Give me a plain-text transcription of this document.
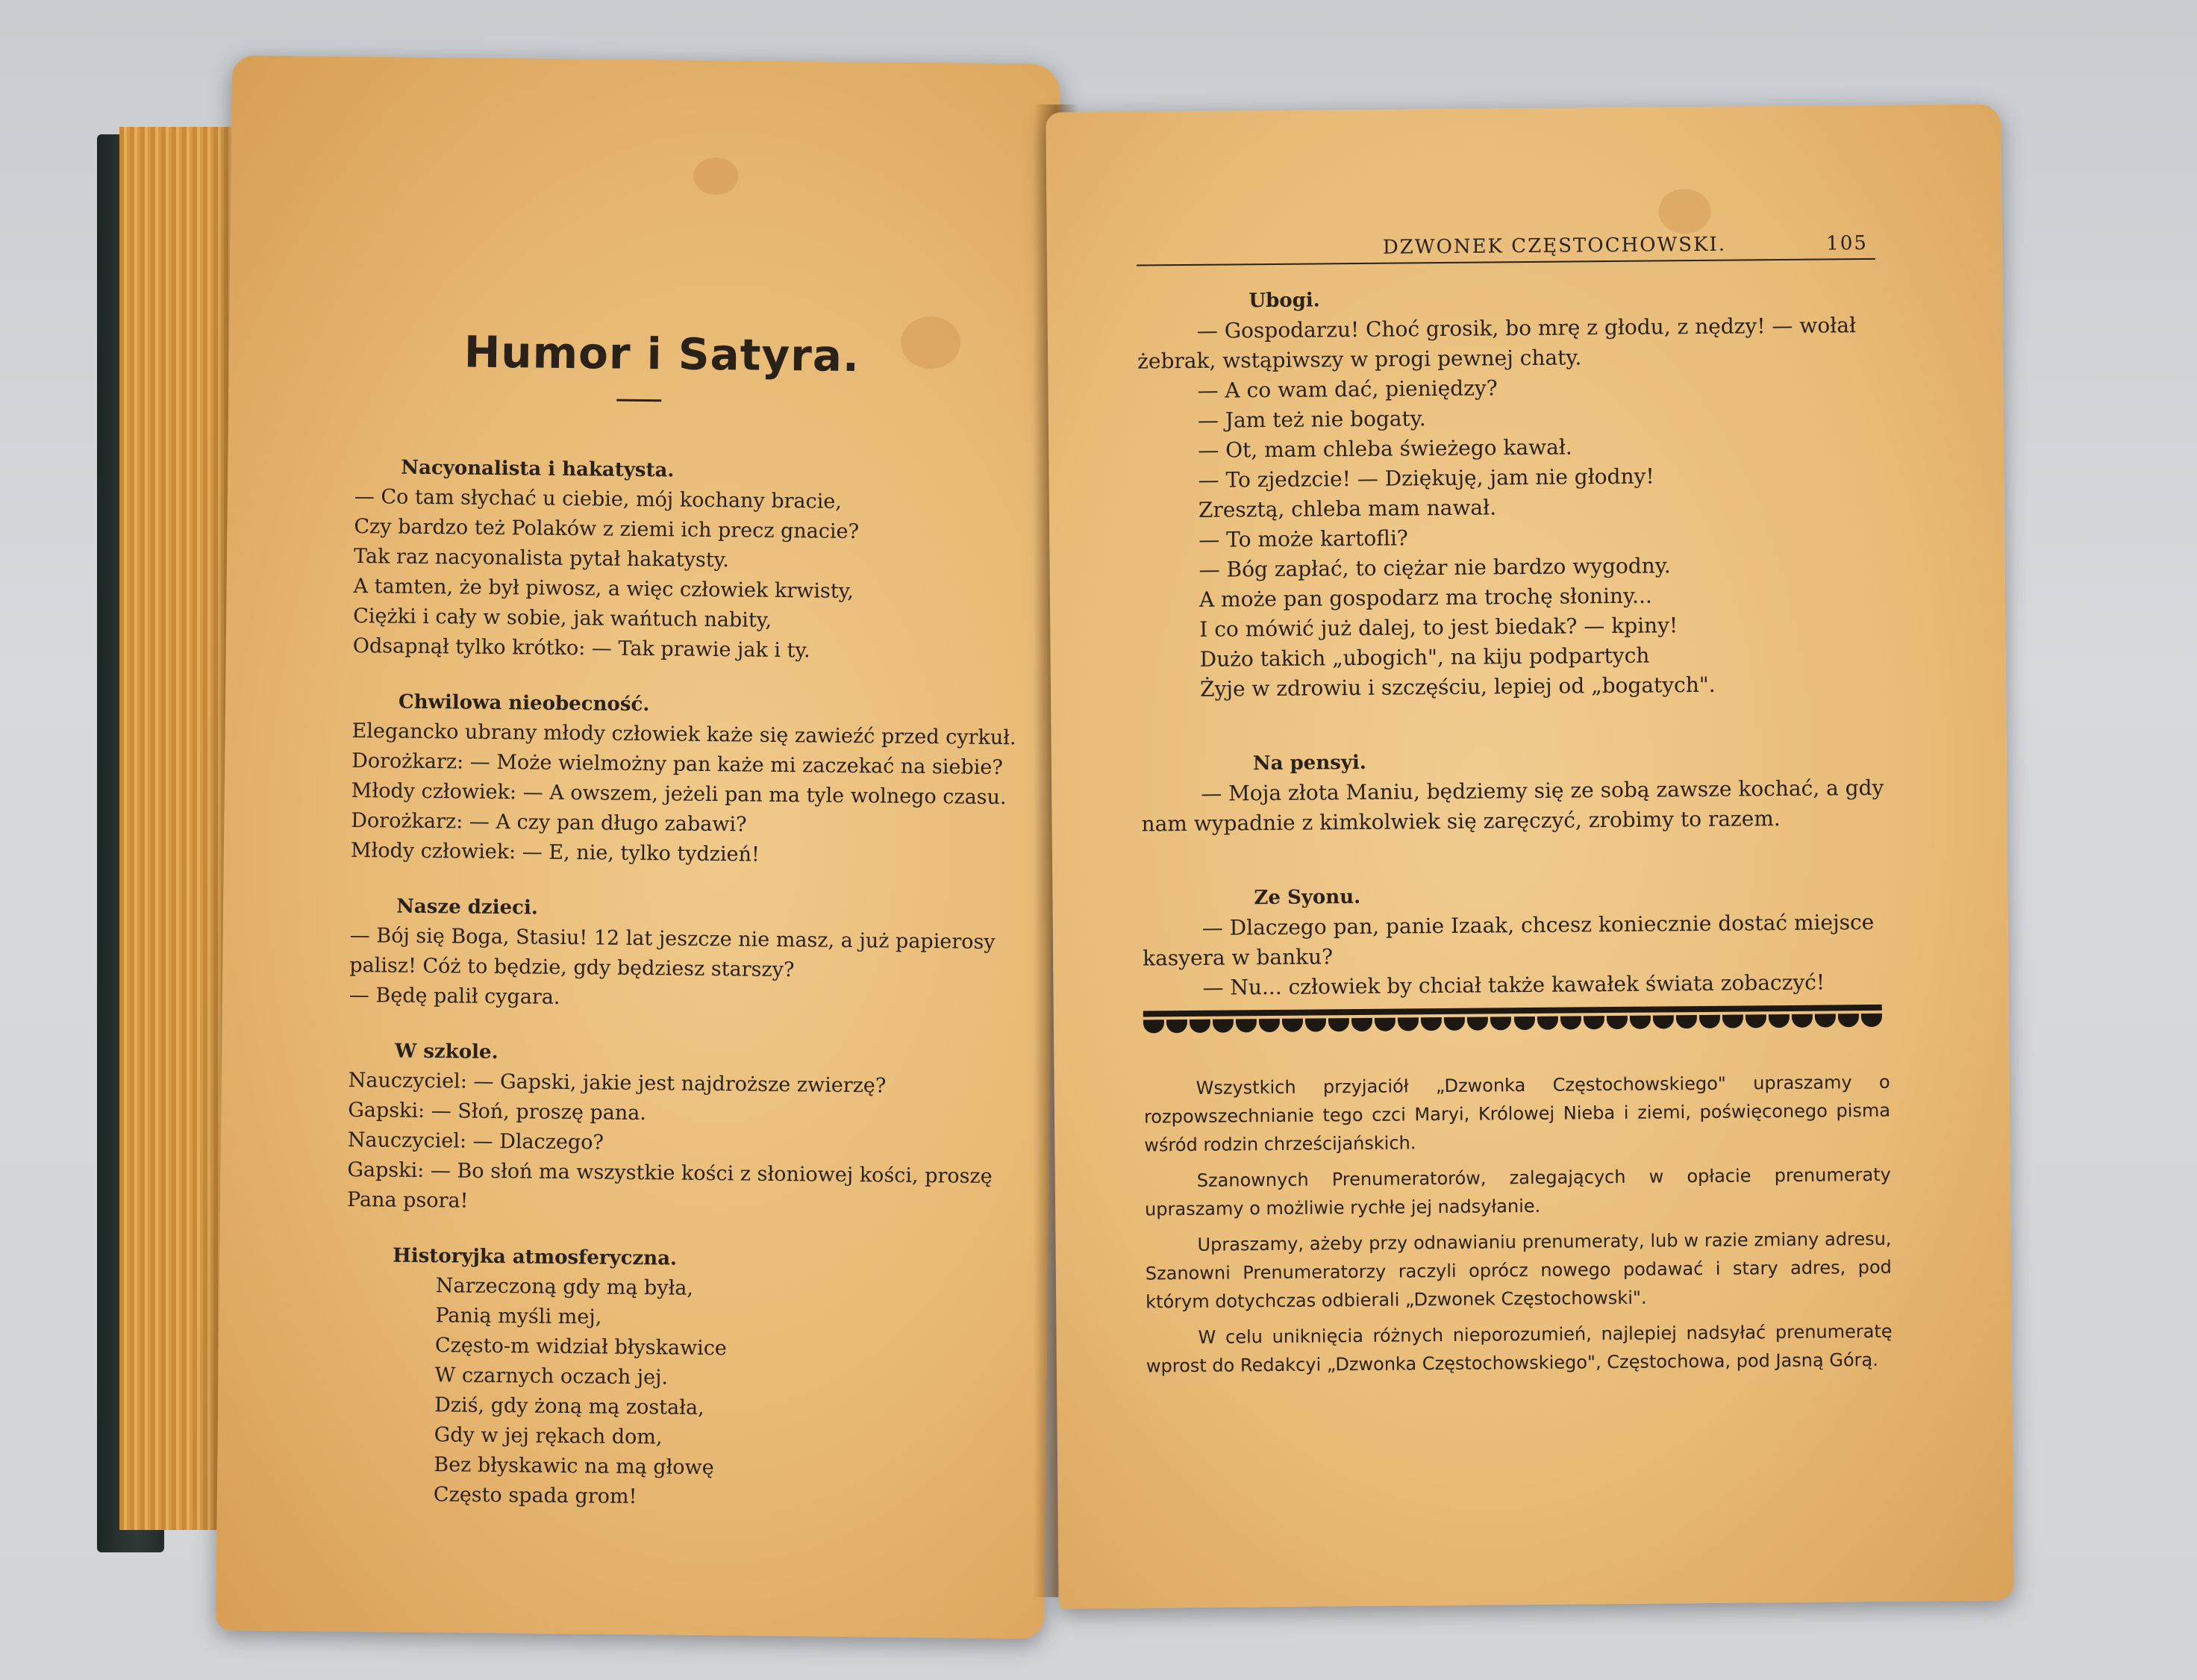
Humor i Satyra.
Nacyonalista i hakatysta.
— Co tam słychać u ciebie, mój kochany bracie,
Czy bardzo też Polaków z ziemi ich precz gnacie?
Tak raz nacyonalista pytał hakatysty.
A tamten, że był piwosz, a więc człowiek krwisty,
Ciężki i cały w sobie, jak wańtuch nabity,
Odsapnął tylko krótko: — Tak prawie jak i ty.
Chwilowa nieobecność.
Elegancko ubrany młody człowiek każe się zawieźć przed cyrkuł.
Dorożkarz: — Może wielmożny pan każe mi zaczekać na siebie?
Młody człowiek: — A owszem, jeżeli pan ma tyle wolnego czasu.
Dorożkarz: — A czy pan długo zabawi?
Młody człowiek: — E, nie, tylko tydzień!
Nasze dzieci.
— Bój się Boga, Stasiu! 12 lat jeszcze nie masz, a już papierosy
palisz! Cóż to będzie, gdy będziesz starszy?
— Będę palił cygara.
W szkole.
Nauczyciel: — Gapski, jakie jest najdroższe zwierzę?
Gapski: — Słoń, proszę pana.
Nauczyciel: — Dlaczego?
Gapski: — Bo słoń ma wszystkie kości z słoniowej kości, proszę
Pana psora!
Historyjka atmosferyczna.
Narzeczoną gdy mą była,
Panią myśli mej,
Często-m widział błyskawice
W czarnych oczach jej.
Dziś, gdy żoną mą została,
Gdy w jej rękach dom,
Bez błyskawic na mą głowę
Często spada grom!
DZWONEK CZĘSTOCHOWSKI.	105
Ubogi.
— Gospodarzu! Choć grosik, bo mrę z głodu, z nędzy! — wołał
żebrak, wstąpiwszy w progi pewnej chaty.
— A co wam dać, pieniędzy?
— Jam też nie bogaty.
— Ot, mam chleba świeżego kawał.
— To zjedzcie! — Dziękuję, jam nie głodny!
Zresztą, chleba mam nawał.
— To może kartofli?
— Bóg zapłać, to ciężar nie bardzo wygodny.
A może pan gospodarz ma trochę słoniny...
I co mówić już dalej, to jest biedak? — kpiny!
Dużo takich „ubogich", na kiju podpartych
Żyje w zdrowiu i szczęściu, lepiej od „bogatych".
Na pensyi.
— Moja złota Maniu, będziemy się ze sobą zawsze kochać, a gdy
nam wypadnie z kimkolwiek się zaręczyć, zrobimy to razem.
Ze Syonu.
— Dlaczego pan, panie Izaak, chcesz koniecznie dostać miejsce
kasyera w banku?
— Nu... człowiek by chciał także kawałek świata zobaczyć!

Wszystkich przyjaciół „Dzwonka Częstochowskiego" upraszamy o rozpowszechnianie tego czci Maryi, Królowej Nieba i ziemi, poświęconego pisma wśród rodzin chrześcijańskich.

Szanownych Prenumeratorów, zalegających w opłacie prenumeraty upraszamy o możliwie rychłe jej nadsyłanie.

Upraszamy, ażeby przy odnawianiu prenumeraty, lub w razie zmiany adresu, Szanowni Prenumeratorzy raczyli oprócz nowego podawać i stary adres, pod którym dotychczas odbierali „Dzwonek Częstochowski".

W celu uniknięcia różnych nieporozumień, najlepiej nadsyłać prenumeratę wprost do Redakcyi „Dzwonka Częstochowskiego", Częstochowa, pod Jasną Górą.
